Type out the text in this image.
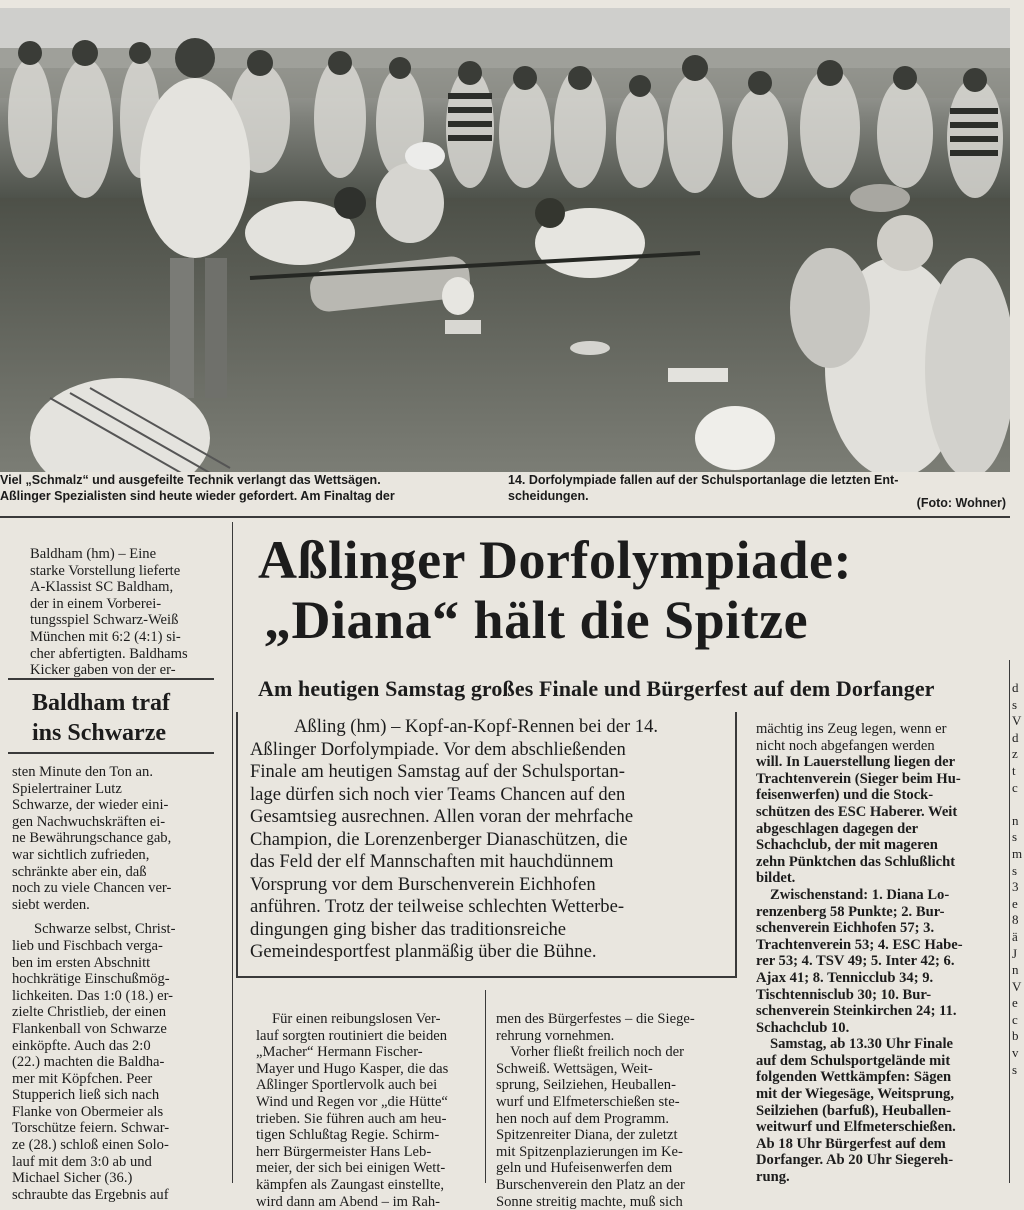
Viel „Schmalz“ und ausgefeilte Technik verlangt das Wettsägen.
Aßlinger Spezialisten sind heute wieder gefordert. Am Finaltag der
14. Dorfolympiade fallen auf der Schulsportanlage die letzten Ent-
scheidungen.	(Foto: Wohner)
Baldham (hm) – Eine
starke Vorstellung lieferte
A-Klassist SC Baldham,
der in einem Vorberei-
tungsspiel Schwarz-Weiß
München mit 6:2 (4:1) si-
cher abfertigten. Baldhams
Kicker gaben von der er-
Baldham traf
ins Schwarze
sten Minute den Ton an.
Spielertrainer Lutz
Schwarze, der wieder eini-
gen Nachwuchskräften ei-
ne Bewährungschance gab,
war sichtlich zufrieden,
schränkte aber ein, daß
noch zu viele Chancen ver-
siebt werden.
Schwarze selbst, Christ-
lieb und Fischbach verga-
ben im ersten Abschnitt
hochkrätige Einschußmög-
lichkeiten. Das 1:0 (18.) er-
zielte Christlieb, der einen
Flankenball von Schwarze
einköpfte. Auch das 2:0
(22.) machten die Baldha-
mer mit Köpfchen. Peer
Stupperich ließ sich nach
Flanke von Obermeier als
Torschütze feiern. Schwar-
ze (28.) schloß einen Solo-
lauf mit dem 3:0 ab und
Michael Sicher (36.)
schraubte das Ergebnis auf
Aßlinger Dorfolympiade:
„Diana“ hält die Spitze
Am heutigen Samstag großes Finale und Bürgerfest auf dem Dorfanger
Aßling (hm) – Kopf-an-Kopf-Rennen bei der 14.
Aßlinger Dorfolympiade. Vor dem abschließenden
Finale am heutigen Samstag auf der Schulsportan-
lage dürfen sich noch vier Teams Chancen auf den
Gesamtsieg ausrechnen. Allen voran der mehrfache
Champion, die Lorenzenberger Dianaschützen, die
das Feld der elf Mannschaften mit hauchdünnem
Vorsprung vor dem Burschenverein Eichhofen
anführen. Trotz der teilweise schlechten Wetterbe-
dingungen ging bisher das traditionsreiche
Gemeindesportfest planmäßig über die Bühne.
Für einen reibungslosen Ver-
lauf sorgten routiniert die beiden
„Macher“ Hermann Fischer-
Mayer und Hugo Kasper, die das
Aßlinger Sportlervolk auch bei
Wind und Regen vor „die Hütte“
trieben. Sie führen auch am heu-
tigen Schlußtag Regie. Schirm-
herr Bürgermeister Hans Leb-
meier, der sich bei einigen Wett-
kämpfen als Zaungast einstellte,
wird dann am Abend – im Rah-
men des Bürgerfestes – die Siege-
rehrung vornehmen.
Vorher fließt freilich noch der
Schweiß. Wettsägen, Weit-
sprung, Seilziehen, Heuballen-
wurf und Elfmeterschießen ste-
hen noch auf dem Programm.
Spitzenreiter Diana, der zuletzt
mit Spitzenplazierungen im Ke-
geln und Hufeisenwerfen dem
Burschenverein den Platz an der
Sonne streitig machte, muß sich
mächtig ins Zeug legen, wenn er
nicht noch abgefangen werden
will. In Lauerstellung liegen der
Trachtenverein (Sieger beim Hu-
feisenwerfen) und die Stock-
schützen des ESC Haberer. Weit
abgeschlagen dagegen der
Schachclub, der mit mageren
zehn Pünktchen das Schlußlicht
bildet.
Zwischenstand: 1. Diana Lo-
renzenberg 58 Punkte; 2. Bur-
schenverein Eichhofen 57; 3.
Trachtenverein 53; 4. ESC Habe-
rer 53; 4. TSV 49; 5. Inter 42; 6.
Ajax 41; 8. Tennicclub 34; 9.
Tischtennisclub 30; 10. Bur-
schenverein Steinkirchen 24; 11.
Schachclub 10.
Samstag, ab 13.30 Uhr Finale
auf dem Schulsportgelände mit
folgenden Wettkämpfen: Sägen
mit der Wiegesäge, Weitsprung,
Seilziehen (barfuß), Heuballen-
weitwurf und Elfmeterschießen.
Ab 18 Uhr Bürgerfest auf dem
Dorfanger. Ab 20 Uhr Siegereh-
rung.
d
s
V
d
z
t
c

n
s
m
s
3
e
8
ä
J
n
V
e
c
b
v
s
